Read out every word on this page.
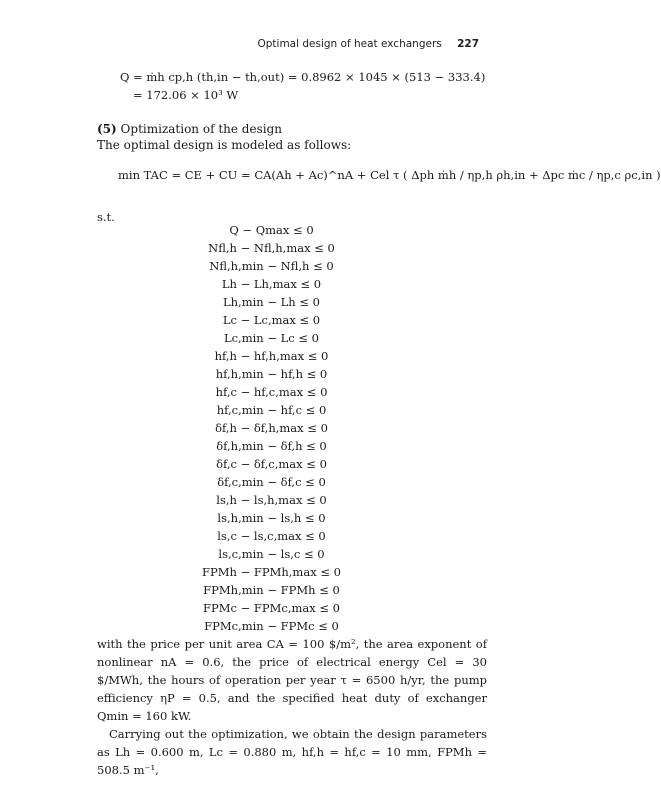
Optimal design of heat exchangers 227
Q = ṁh cp,h (th,in − th,out) = 0.8962 × 1045 × (513 − 333.4)
= 172.06 × 10³ W
(5) Optimization of the design
The optimal design is modeled as follows:
min TAC = CE + CU = CA(Ah + Ac)^nA + Cel τ ( Δph ṁh / ηp,h ρh,in + Δpc ṁc / ηp,c ρc,in )
s.t.
Q − Qmax ≤ 0
Nfl,h − Nfl,h,max ≤ 0
Nfl,h,min − Nfl,h ≤ 0
Lh − Lh,max ≤ 0
Lh,min − Lh ≤ 0
Lc − Lc,max ≤ 0
Lc,min − Lc ≤ 0
hf,h − hf,h,max ≤ 0
hf,h,min − hf,h ≤ 0
hf,c − hf,c,max ≤ 0
hf,c,min − hf,c ≤ 0
δf,h − δf,h,max ≤ 0
δf,h,min − δf,h ≤ 0
δf,c − δf,c,max ≤ 0
δf,c,min − δf,c ≤ 0
ls,h − ls,h,max ≤ 0
ls,h,min − ls,h ≤ 0
ls,c − ls,c,max ≤ 0
ls,c,min − ls,c ≤ 0
FPMh − FPMh,max ≤ 0
FPMh,min − FPMh ≤ 0
FPMc − FPMc,max ≤ 0
FPMc,min − FPMc ≤ 0

with the price per unit area CA = 100 $/m², the area exponent of nonlinear nA = 0.6, the price of electrical energy Cel = 30 $/MWh, the hours of operation per year τ = 6500 h/yr, the pump efficiency ηP = 0.5, and the specified heat duty of exchanger Qmin = 160 kW.

Carrying out the optimization, we obtain the design parameters as Lh = 0.600 m, Lc = 0.880 m, hf,h = hf,c = 10 mm, FPMh = 508.5 m⁻¹,
